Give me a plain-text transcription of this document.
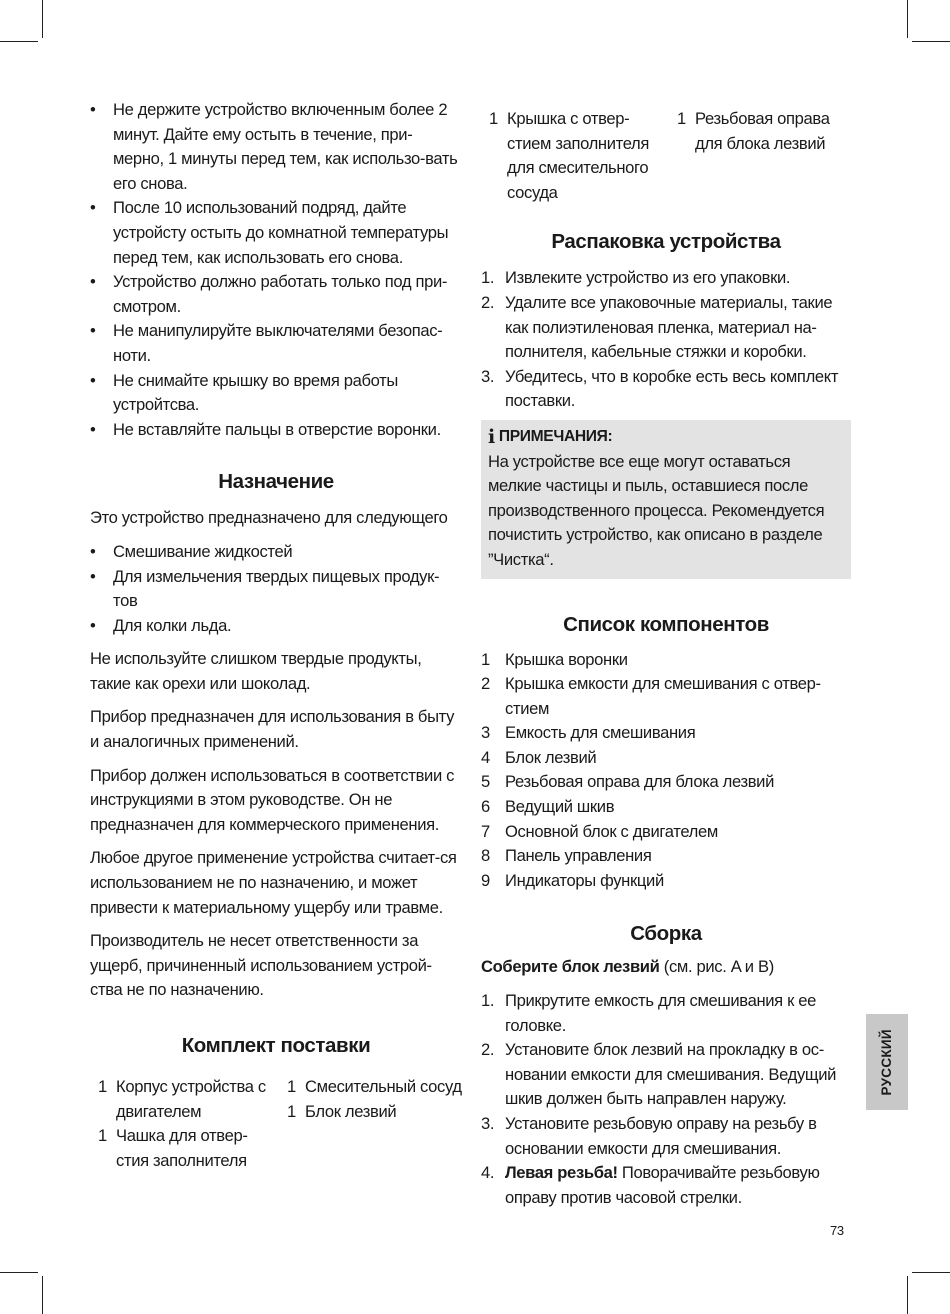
• Не держите устройство включенным более 2 минут. Дайте ему остыть в течение, при-мерно, 1 минуты перед тем, как использо-вать его снова.
• После 10 использований подряд, дайте устройсту остыть до комнатной температуры перед тем, как использовать его снова.
• Устройство должно работать только под при-смотром.
• Не манипулируйте выключателями безопас-ноти.
• Не снимайте крышку во время работы устройтсва.
• Не вставляйте пальцы в отверстие воронки.
Назначение

Это устройство предназначено для следующего

• Смешивание жидкостей
• Для измельчения твердых пищевых продук-тов
• Для колки льда.

Не используйте слишком твердые продукты, такие как орехи или шоколад.

Прибор предназначен для использования в быту и аналогичных применений.

Прибор должен использоваться в соответствии с инструкциями в этом руководстве. Он не предназначен для коммерческого применения.

Любое другое применение устройства считает-ся использованием не по назначению, и может привести к материальному ущербу или травме.

Производитель не несет ответственности за ущерб, причиненный использованием устрой-ства не по назначению.

Комплект поставки
1 Корпус устройства с двигателем
1 Чашка для отвер-стия заполнителя
1 Смесительный сосуд
1 Блок лезвий
1 Крышка с отвер-стием заполнителя для смесительного сосуда
1 Резьбовая оправа для блока лезвий
Распаковка устройства
1. Извлеките устройство из его упаковки.
2. Удалите все упаковочные материалы, такие как полиэтиленовая пленка, материал на-полнителя, кабельные стяжки и коробки.
3. Убедитесь, что в коробке есть весь комплект поставки.
i ПРИМЕЧАНИЯ:

На устройстве все еще могут оставаться мелкие частицы и пыль, оставшиеся после производственного процесса. Рекомендуется почистить устройство, как описано в разделе ”Чистка“.

Список компонентов
1 Крышка воронки
2 Крышка емкости для смешивания с отвер-стием
3 Емкость для смешивания
4 Блок лезвий
5 Резьбовая оправа для блока лезвий
6 Ведущий шкив
7 Основной блок с двигателем
8 Панель управления
9 Индикаторы функций
Сборка

Соберите блок лезвий (см. рис. A и B)

1. Прикрутите емкость для смешивания к ее головке.
2. Установите блок лезвий на прокладку в ос-новании емкости для смешивания. Ведущий шкив должен быть направлен наружу.
3. Установите резьбовую оправу на резьбу в основании емкости для смешивания.
4. Левая резьба! Поворачивайте резьбовую оправу против часовой стрелки.
РУССКИЙ
73
